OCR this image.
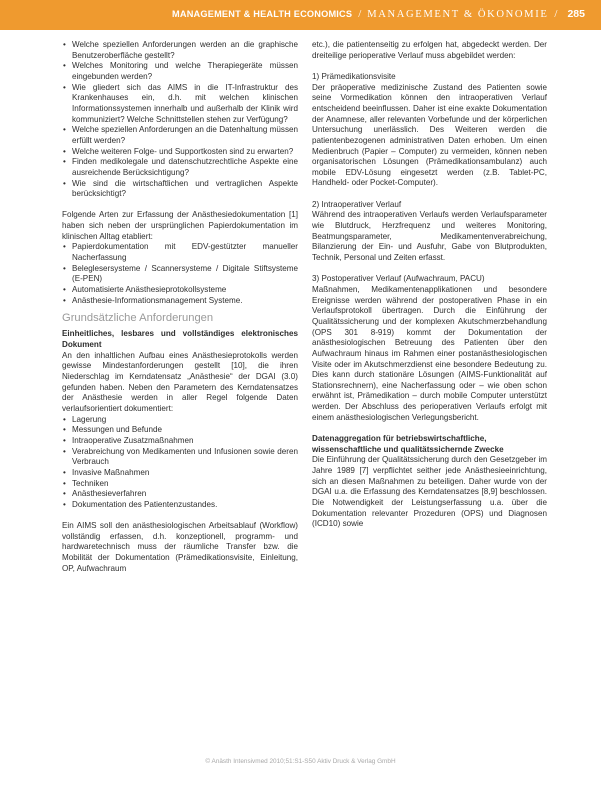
MANAGEMENT & HEALTH ECONOMICS / MANAGEMENT & ÖKONOMIE / 285
• Welche speziellen Anforderungen werden an die graphische Benutzeroberfläche gestellt?
• Welches Monitoring und welche Therapiegeräte müssen eingebunden werden?
• Wie gliedert sich das AIMS in die IT-Infrastruktur des Krankenhauses ein, d.h. mit welchen klinischen Informationssystemen innerhalb und außerhalb der Klinik wird kommuniziert? Welche Schnittstellen stehen zur Verfügung?
• Welche speziellen Anforderungen an die Datenhaltung müssen erfüllt werden?
• Welche weiteren Folge- und Supportkosten sind zu erwarten?
• Finden medikolegale und datenschutzrechtliche Aspekte eine ausreichende Berücksichtigung?
• Wie sind die wirtschaftlichen und vertraglichen Aspekte berücksichtigt?

Folgende Arten zur Erfassung der Anästhesiedokumentation [1] haben sich neben der ursprünglichen Papierdokumentation im klinischen Alltag etabliert:

• Papierdokumentation mit EDV-gestützter manueller Nacherfassung
• Beleglesersysteme / Scannersysteme / Digitale Stiftsysteme (E-PEN)
• Automatisierte Anästhesieprotokollsysteme
• Anästhesie-Informationsmanagement Systeme.
Grundsätzliche Anforderungen

Einheitliches, lesbares und vollständiges elektronisches Dokument

An den inhaltlichen Aufbau eines Anästhesieprotokolls werden gewisse Mindestanforderungen gestellt [10], die ihren Niederschlag im Kerndatensatz „Anästhesie“ der DGAI (3.0) gefunden haben. Neben den Parametern des Kerndatensatzes der Anästhesie werden in aller Regel folgende Daten verlaufsorientiert dokumentiert:

• Lagerung
• Messungen und Befunde
• Intraoperative Zusatzmaßnahmen
• Verabreichung von Medikamenten und Infusionen sowie deren Verbrauch
• Invasive Maßnahmen
• Techniken
• Anästhesieverfahren
• Dokumentation des Patientenzustandes.

Ein AIMS soll den anästhesiologischen Arbeitsablauf (Workflow) vollständig erfassen, d.h. konzeptionell, programm- und hardwaretechnisch muss der räumliche Transfer bzw. die Mobilität der Dokumentation (Prämedikationsvisite, Einleitung, OP, Aufwachraum

etc.), die patientenseitig zu erfolgen hat, abgedeckt werden. Der dreiteilige perioperative Verlauf muss abgebildet werden:

1) Prämedikationsvisite
Der präoperative medizinische Zustand des Patienten sowie seine Vormedikation können den intraoperativen Verlauf entscheidend beeinflussen. Daher ist eine exakte Dokumentation der Anamnese, aller relevanten Vorbefunde und der körperlichen Untersuchung unerlässlich. Des Weiteren werden die patientenbezogenen administrativen Daten erhoben. Um einen Medienbruch (Papier – Computer) zu vermeiden, können neben organisatorischen Lösungen (Prämedikationsambulanz) auch mobile EDV-Lösung eingesetzt werden (z.B. Tablet-PC, Handheld- oder Pocket-Computer).

2) Intraoperativer Verlauf
Während des intraoperativen Verlaufs werden Verlaufsparameter wie Blutdruck, Herzfrequenz und weiteres Monitoring, Beatmungsparameter, Medikamentenverabreichung, Bilanzierung der Ein- und Ausfuhr, Gabe von Blutprodukten, Technik, Personal und Zeiten erfasst.

3) Postoperativer Verlauf (Aufwachraum, PACU)
Maßnahmen, Medikamentenapplikationen und besondere Ereignisse werden während der postoperativen Phase in ein Verlaufsprotokoll übertragen. Durch die Einführung der Qualitätssicherung und der komplexen Akutschmerzbehandlung (OPS 301 8-919) kommt der Dokumentation der anästhesiologischen Betreuung des Patienten über den Aufwachraum hinaus im Rahmen einer postanästhesiologischen Visite oder im Akutschmerzdienst eine besondere Bedeutung zu. Dies kann durch stationäre Lösungen (AIMS-Funktionalität auf Stationsrechnern), eine Nacherfassung oder – wie oben schon erwähnt ist, Prämedikation – durch mobile Computer unterstützt werden. Der Abschluss des perioperativen Verlaufs erfolgt mit einem anästhesiologischen Verlegungsbericht.

Datenaggregation für betriebswirtschaftliche, wissenschaftliche und qualitätssichernde Zwecke

Die Einführung der Qualitätssicherung durch den Gesetzgeber im Jahre 1989 [7] verpflichtet seither jede Anästhesieeinrichtung, sich an diesen Maßnahmen zu beteiligen. Daher wurde von der DGAI u.a. die Erfassung des Kerndatensatzes [8,9] beschlossen. Die Notwendigkeit der Leistungserfassung u.a. über die Dokumentation relevanter Prozeduren (OPS) und Diagnosen (ICD10) sowie

© Anästh Intensivmed 2010;51:S1-S50 Aktiv Druck & Verlag GmbH
